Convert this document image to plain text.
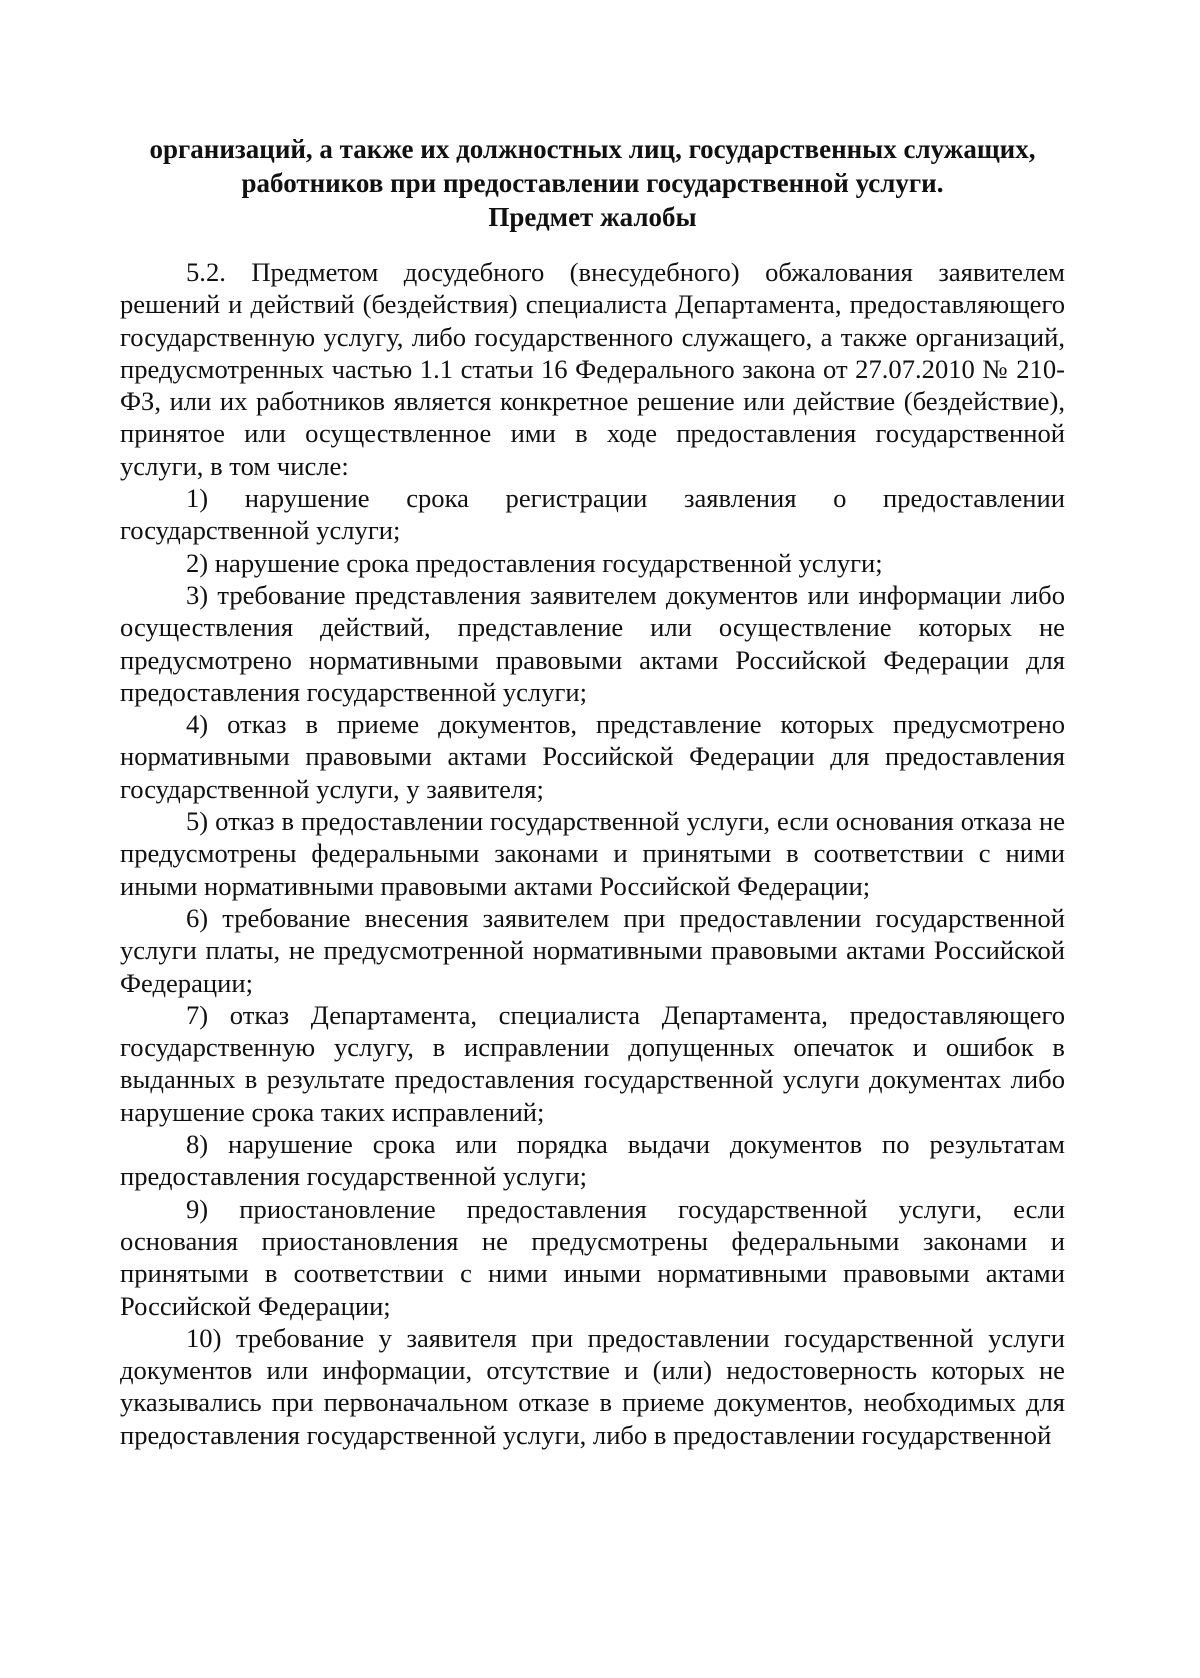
организаций, а также их должностных лиц, государственных служащих,

работников при предоставлении государственной услуги.

Предмет жалобы

5.2. Предметом досудебного (внесудебного) обжалования заявителем решений и действий (бездействия) специалиста Департамента, предоставляющего государственную услугу, либо государственного служащего, а также организаций, предусмотренных частью 1.1 статьи 16 Федерального закона от 27.07.2010 № 210-ФЗ, или их работников является конкретное решение или действие (бездействие), принятое или осуществленное ими в ходе предоставления государственной услуги, в том числе:

1) нарушение срока регистрации заявления о предоставлении государственной услуги;

2) нарушение срока предоставления государственной услуги;

3) требование представления заявителем документов или информации либо осуществления действий, представление или осуществление которых не предусмотрено нормативными правовыми актами Российской Федерации для предоставления государственной услуги;

4) отказ в приеме документов, представление которых предусмотрено нормативными правовыми актами Российской Федерации для предоставления государственной услуги, у заявителя;

5) отказ в предоставлении государственной услуги, если основания отказа не предусмотрены федеральными законами и принятыми в соответствии с ними иными нормативными правовыми актами Российской Федерации;

6) требование внесения заявителем при предоставлении государственной услуги платы, не предусмотренной нормативными правовыми актами Российской Федерации;

7) отказ Департамента, специалиста Департамента, предоставляющего государственную услугу, в исправлении допущенных опечаток и ошибок в выданных в результате предоставления государственной услуги документах либо нарушение срока таких исправлений;

8) нарушение срока или порядка выдачи документов по результатам предоставления государственной услуги;

9) приостановление предоставления государственной услуги, если основания приостановления не предусмотрены федеральными законами и принятыми в соответствии с ними иными нормативными правовыми актами Российской Федерации;

10) требование у заявителя при предоставлении государственной услуги документов или информации, отсутствие и (или) недостоверность которых не указывались при первоначальном отказе в приеме документов, необходимых для предоставления государственной услуги, либо в предоставлении государственной
